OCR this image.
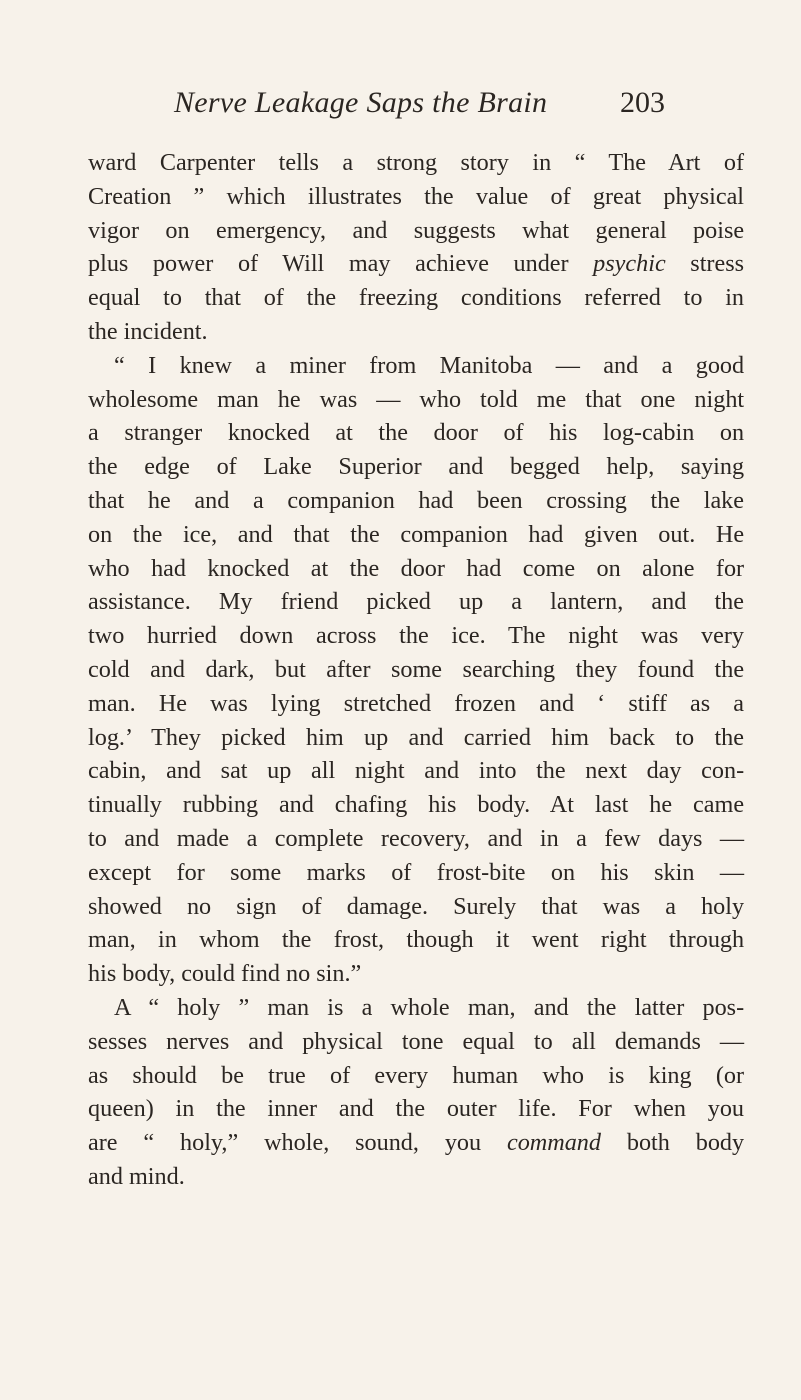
Nerve Leakage Saps the Brain 203
ward Carpenter tells a strong story in “ The Art of
Creation ” which illustrates the value of great physical
vigor on emergency, and suggests what general poise
plus power of Will may achieve under psychic stress
equal to that of the freezing conditions referred to in
the incident.
“ I knew a miner from Manitoba — and a good
wholesome man he was — who told me that one night
a stranger knocked at the door of his log-cabin on
the edge of Lake Superior and begged help, saying
that he and a companion had been crossing the lake
on the ice, and that the companion had given out. He
who had knocked at the door had come on alone for
assistance. My friend picked up a lantern, and the
two hurried down across the ice. The night was very
cold and dark, but after some searching they found the
man. He was lying stretched frozen and ‘ stiff as a
log.’ They picked him up and carried him back to the
cabin, and sat up all night and into the next day con-
tinually rubbing and chafing his body. At last he came
to and made a complete recovery, and in a few days —
except for some marks of frost-bite on his skin —
showed no sign of damage. Surely that was a holy
man, in whom the frost, though it went right through
his body, could find no sin.”
A “ holy ” man is a whole man, and the latter pos-
sesses nerves and physical tone equal to all demands —
as should be true of every human who is king (or
queen) in the inner and the outer life. For when you
are “ holy,” whole, sound, you command both body
and mind.
